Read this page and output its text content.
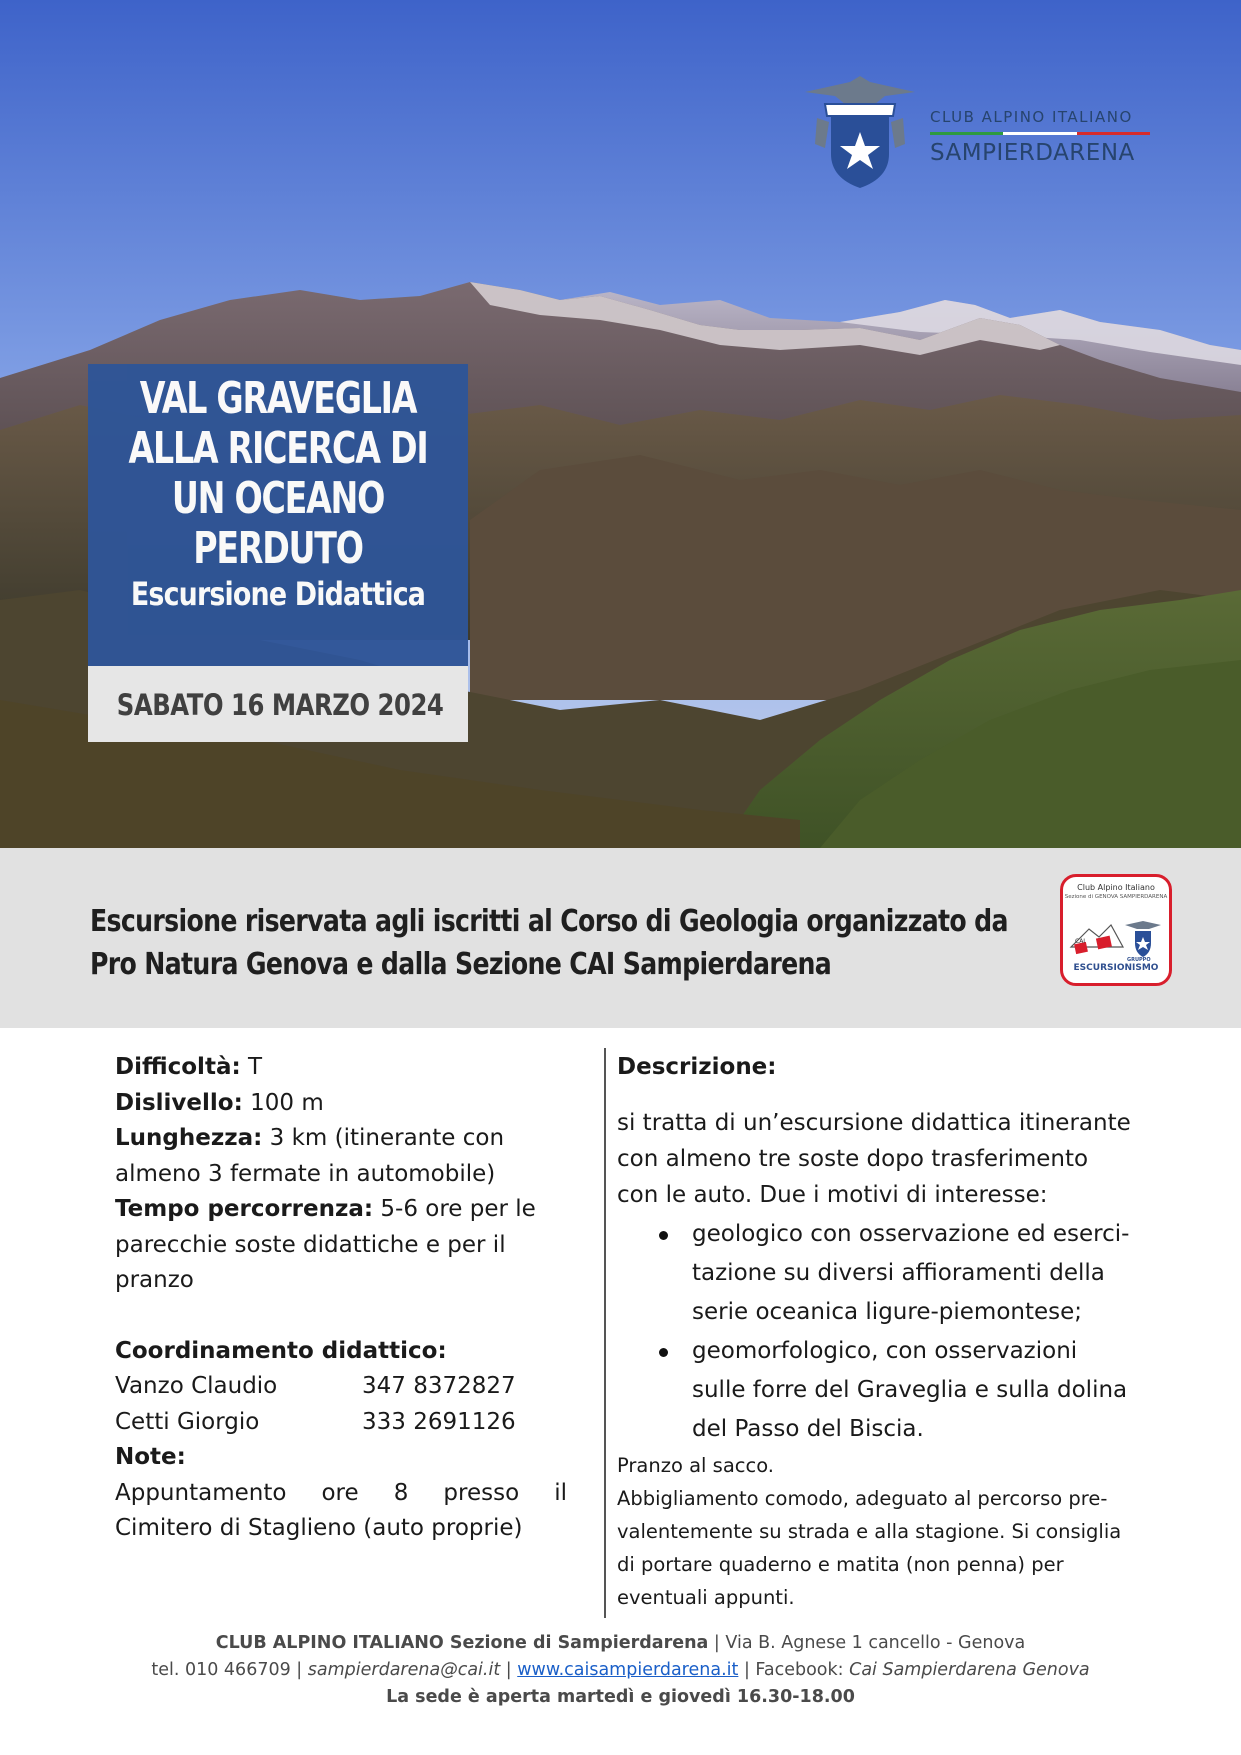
CLUB ALPINO ITALIANO
SAMPIERDARENA
VAL GRAVEGLIA
ALLA RICERCA DI
UN OCEANO
PERDUTO
Escursione Didattica
SABATO 16 MARZO 2024
Escursione riservata agli iscritti al Corso di Geologia organizzato da
Pro Natura Genova e dalla Sezione CAI Sampierdarena
Club Alpino Italiano
Sezione di GENOVA SAMPIERDARENA
CAI
GRUPPO
ESCURSIONISMO
Difficoltà: T
Dislivello: 100 m
Lunghezza: 3 km (itinerante con
almeno 3 fermate in automobile)
Tempo percorrenza: 5-6 ore per le
parecchie soste didattiche e per il
pranzo
Coordinamento didattico:
Vanzo Claudio	347 8372827
Cetti Giorgio	333 2691126
Note:
Appuntamento ore 8 presso il
Cimitero di Staglieno (auto proprie)
Descrizione:
si tratta di un’escursione didattica itinerante
con almeno tre soste dopo trasferimento
con le auto. Due i motivi di interesse:
geologico con osservazione ed eserci-
tazione su diversi affioramenti della
serie oceanica ligure-piemontese;
geomorfologico, con osservazioni
sulle forre del Graveglia e sulla dolina
del Passo del Biscia.
Pranzo al sacco.
Abbigliamento comodo, adeguato al percorso pre-
valentemente su strada e alla stagione. Si consiglia
di portare quaderno e matita (non penna) per
eventuali appunti.
CLUB ALPINO ITALIANO Sezione di Sampierdarena | Via B. Agnese 1 cancello - Genova
tel. 010 466709 | sampierdarena@cai.it | www.caisampierdarena.it | Facebook: Cai Sampierdarena Genova
La sede è aperta martedì e giovedì 16.30-18.00
